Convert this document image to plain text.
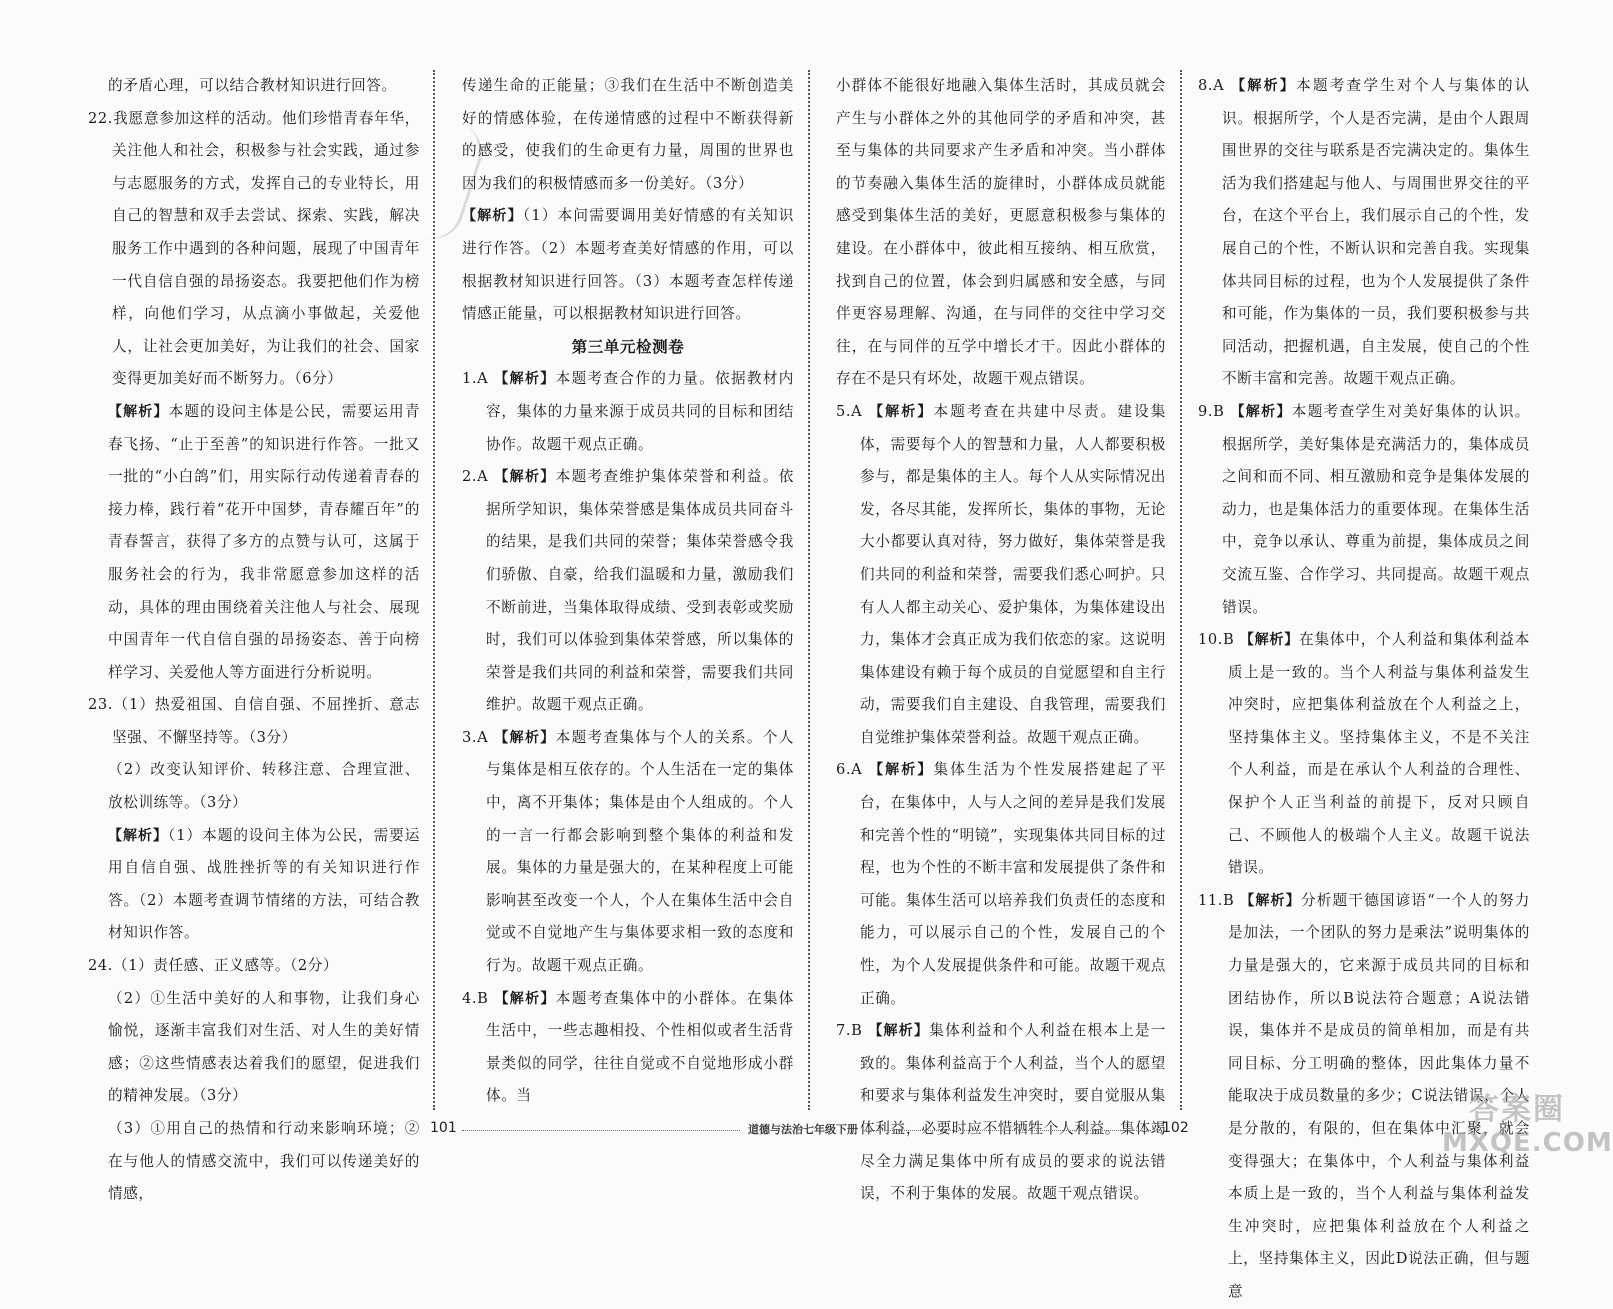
的矛盾心理，可以结合教材知识进行回答。

22.我愿意参加这样的活动。他们珍惜青春年华，关注他人和社会，积极参与社会实践，通过参与志愿服务的方式，发挥自己的专业特长，用自己的智慧和双手去尝试、探索、实践，解决服务工作中遇到的各种问题，展现了中国青年一代自信自强的昂扬姿态。我要把他们作为榜样，向他们学习，从点滴小事做起，关爱他人，让社会更加美好，为让我们的社会、国家变得更加美好而不断努力。（6分）

【解析】本题的设问主体是公民，需要运用青春飞扬、“止于至善”的知识进行作答。一批又一批的“小白鸽”们，用实际行动传递着青春的接力棒，践行着“花开中国梦，青春耀百年”的青春誓言，获得了多方的点赞与认可，这属于服务社会的行为，我非常愿意参加这样的活动，具体的理由围绕着关注他人与社会、展现中国青年一代自信自强的昂扬姿态、善于向榜样学习、关爱他人等方面进行分析说明。

23.（1）热爱祖国、自信自强、不屈挫折、意志坚强、不懈坚持等。（3分）

（2）改变认知评价、转移注意、合理宣泄、放松训练等。（3分）

【解析】（1）本题的设问主体为公民，需要运用自信自强、战胜挫折等的有关知识进行作答。（2）本题考查调节情绪的方法，可结合教材知识作答。

24.（1）责任感、正义感等。（2分）

（2）①生活中美好的人和事物，让我们身心愉悦，逐渐丰富我们对生活、对人生的美好情感；②这些情感表达着我们的愿望，促进我们的精神发展。（3分）

（3）①用自己的热情和行动来影响环境；②在与他人的情感交流中，我们可以传递美好的情感，

传递生命的正能量；③我们在生活中不断创造美好的情感体验，在传递情感的过程中不断获得新的感受，使我们的生命更有力量，周围的世界也因为我们的积极情感而多一份美好。（3分）

【解析】（1）本问需要调用美好情感的有关知识进行作答。（2）本题考查美好情感的作用，可以根据教材知识进行回答。（3）本题考查怎样传递情感正能量，可以根据教材知识进行回答。

第三单元检测卷

1.A 【解析】本题考查合作的力量。依据教材内容，集体的力量来源于成员共同的目标和团结协作。故题干观点正确。

2.A 【解析】本题考查维护集体荣誉和利益。依据所学知识，集体荣誉感是集体成员共同奋斗的结果，是我们共同的荣誉；集体荣誉感令我们骄傲、自豪，给我们温暖和力量，激励我们不断前进，当集体取得成绩、受到表彰或奖励时，我们可以体验到集体荣誉感，所以集体的荣誉是我们共同的利益和荣誉，需要我们共同维护。故题干观点正确。

3.A 【解析】本题考查集体与个人的关系。个人与集体是相互依存的。个人生活在一定的集体中，离不开集体；集体是由个人组成的。个人的一言一行都会影响到整个集体的利益和发展。集体的力量是强大的，在某种程度上可能影响甚至改变一个人，个人在集体生活中会自觉或不自觉地产生与集体要求相一致的态度和行为。故题干观点正确。

4.B 【解析】本题考查集体中的小群体。在集体生活中，一些志趣相投、个性相似或者生活背景类似的同学，往往自觉或不自觉地形成小群体。当

小群体不能很好地融入集体生活时，其成员就会产生与小群体之外的其他同学的矛盾和冲突，甚至与集体的共同要求产生矛盾和冲突。当小群体的节奏融入集体生活的旋律时，小群体成员就能感受到集体生活的美好，更愿意积极参与集体的建设。在小群体中，彼此相互接纳、相互欣赏，找到自己的位置，体会到归属感和安全感，与同伴更容易理解、沟通，在与同伴的交往中学习交往，在与同伴的互学中增长才干。因此小群体的存在不是只有坏处，故题干观点错误。

5.A 【解析】本题考查在共建中尽责。建设集体，需要每个人的智慧和力量，人人都要积极参与，都是集体的主人。每个人从实际情况出发，各尽其能，发挥所长，集体的事物，无论大小都要认真对待，努力做好，集体荣誉是我们共同的利益和荣誉，需要我们悉心呵护。只有人人都主动关心、爱护集体，为集体建设出力，集体才会真正成为我们依恋的家。这说明集体建设有赖于每个成员的自觉愿望和自主行动，需要我们自主建设、自我管理，需要我们自觉维护集体荣誉利益。故题干观点正确。

6.A 【解析】集体生活为个性发展搭建起了平台，在集体中，人与人之间的差异是我们发展和完善个性的“明镜”，实现集体共同目标的过程，也为个性的不断丰富和发展提供了条件和可能。集体生活可以培养我们负责任的态度和能力，可以展示自己的个性，发展自己的个性，为个人发展提供条件和可能。故题干观点正确。

7.B 【解析】集体利益和个人利益在根本上是一致的。集体利益高于个人利益，当个人的愿望和要求与集体利益发生冲突时，要自觉服从集体利益，必要时应不惜牺牲个人利益。集体竭尽全力满足集体中所有成员的要求的说法错误，不利于集体的发展。故题干观点错误。

8.A 【解析】本题考查学生对个人与集体的认识。根据所学，个人是否完满，是由个人跟周围世界的交往与联系是否完满决定的。集体生活为我们搭建起与他人、与周围世界交往的平台，在这个平台上，我们展示自己的个性，发展自己的个性，不断认识和完善自我。实现集体共同目标的过程，也为个人发展提供了条件和可能，作为集体的一员，我们要积极参与共同活动，把握机遇，自主发展，使自己的个性不断丰富和完善。故题干观点正确。

9.B 【解析】本题考查学生对美好集体的认识。根据所学，美好集体是充满活力的，集体成员之间和而不同、相互激励和竞争是集体发展的动力，也是集体活力的重要体现。在集体生活中，竞争以承认、尊重为前提，集体成员之间交流互鉴、合作学习、共同提高。故题干观点错误。

10.B 【解析】在集体中，个人利益和集体利益本质上是一致的。当个人利益与集体利益发生冲突时，应把集体利益放在个人利益之上，坚持集体主义。坚持集体主义，不是不关注个人利益，而是在承认个人利益的合理性、保护个人正当利益的前提下，反对只顾自己、不顾他人的极端个人主义。故题干说法错误。

11.B 【解析】分析题干德国谚语“一个人的努力是加法，一个团队的努力是乘法”说明集体的力量是强大的，它来源于成员共同的目标和团结协作，所以B说法符合题意；A说法错误，集体并不是成员的简单相加，而是有共同目标、分工明确的整体，因此集体力量不能取决于成员数量的多少；C说法错误，个人是分散的，有限的，但在集体中汇聚，就会变得强大；在集体中，个人利益与集体利益本质上是一致的，当个人利益与集体利益发生冲突时，应把集体利益放在个人利益之上，坚持集体主义，因此D说法正确，但与题意

101	道德与法治七年级下册	102
答案圈
MXQE.COM
